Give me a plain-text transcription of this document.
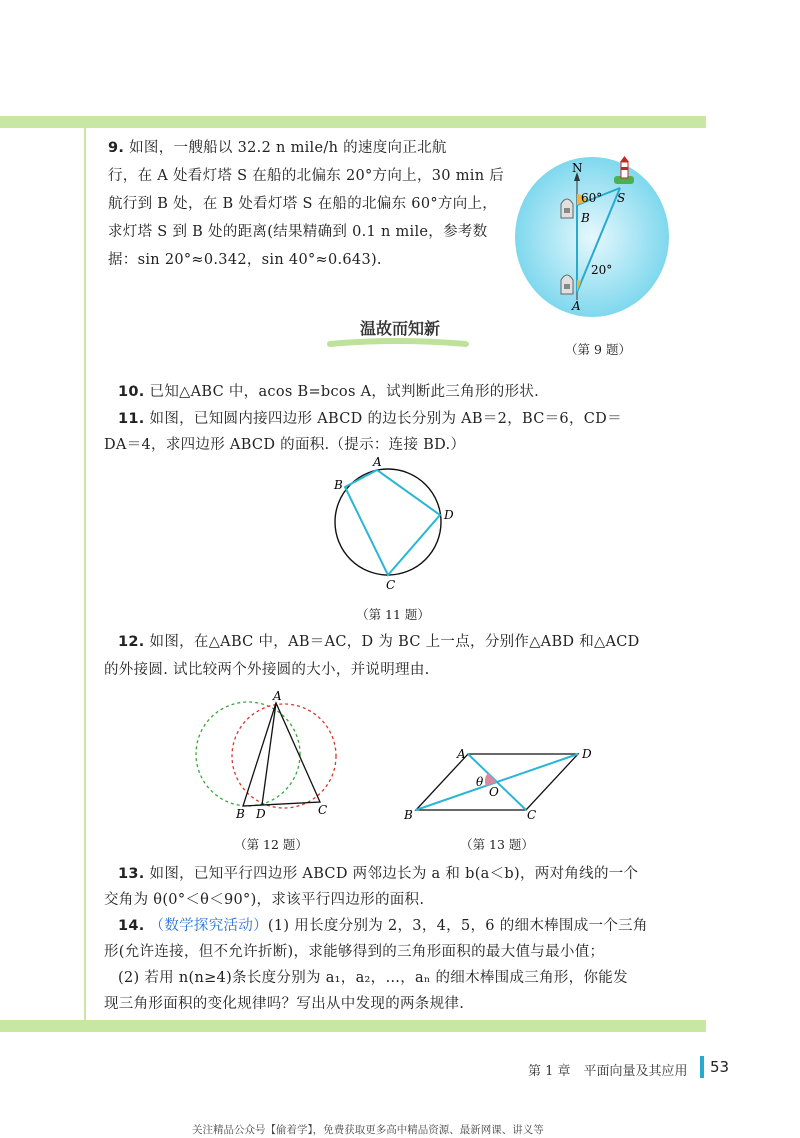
9. 如图，一艘船以 32.2 n mile/h 的速度向正北航
行，在 A 处看灯塔 S 在船的北偏东 20°方向上，30 min 后
航行到 B 处，在 B 处看灯塔 S 在船的北偏东 60°方向上，
求灯塔 S 到 B 处的距离(结果精确到 0.1 n mile，参考数
据：sin 20°≈0.342，sin 40°≈0.643).
N
S
B
A
60°
20°
（第 9 题）
温故而知新
10. 已知△ABC 中，acos B=bcos A，试判断此三角形的形状.
11. 如图，已知圆内接四边形 ABCD 的边长分别为 AB＝2，BC＝6，CD＝
DA＝4，求四边形 ABCD 的面积.（提示：连接 BD.）
A
B
C
D
（第 11 题）
12. 如图，在△ABC 中，AB＝AC，D 为 BC 上一点，分别作△ABD 和△ACD
的外接圆. 试比较两个外接圆的大小，并说明理由.
A
B D	C
（第 12 题）
A	D
B	C
O
θ
（第 13 题）
13. 如图，已知平行四边形 ABCD 两邻边长为 a 和 b(a＜b)，两对角线的一个
交角为 θ(0°＜θ＜90°)，求该平行四边形的面积.
14. （数学探究活动）(1) 用长度分别为 2，3，4，5，6 的细木棒围成一个三角
形(允许连接，但不允许折断)，求能够得到的三角形面积的最大值与最小值；
(2) 若用 n(n≥4)条长度分别为 a₁，a₂，…，aₙ 的细木棒围成三角形，你能发
现三角形面积的变化规律吗？写出从中发现的两条规律.
第 1 章　平面向量及其应用 53
关注精品公众号【偷着学】，免费获取更多高中精品资源、最新网课、讲义等
